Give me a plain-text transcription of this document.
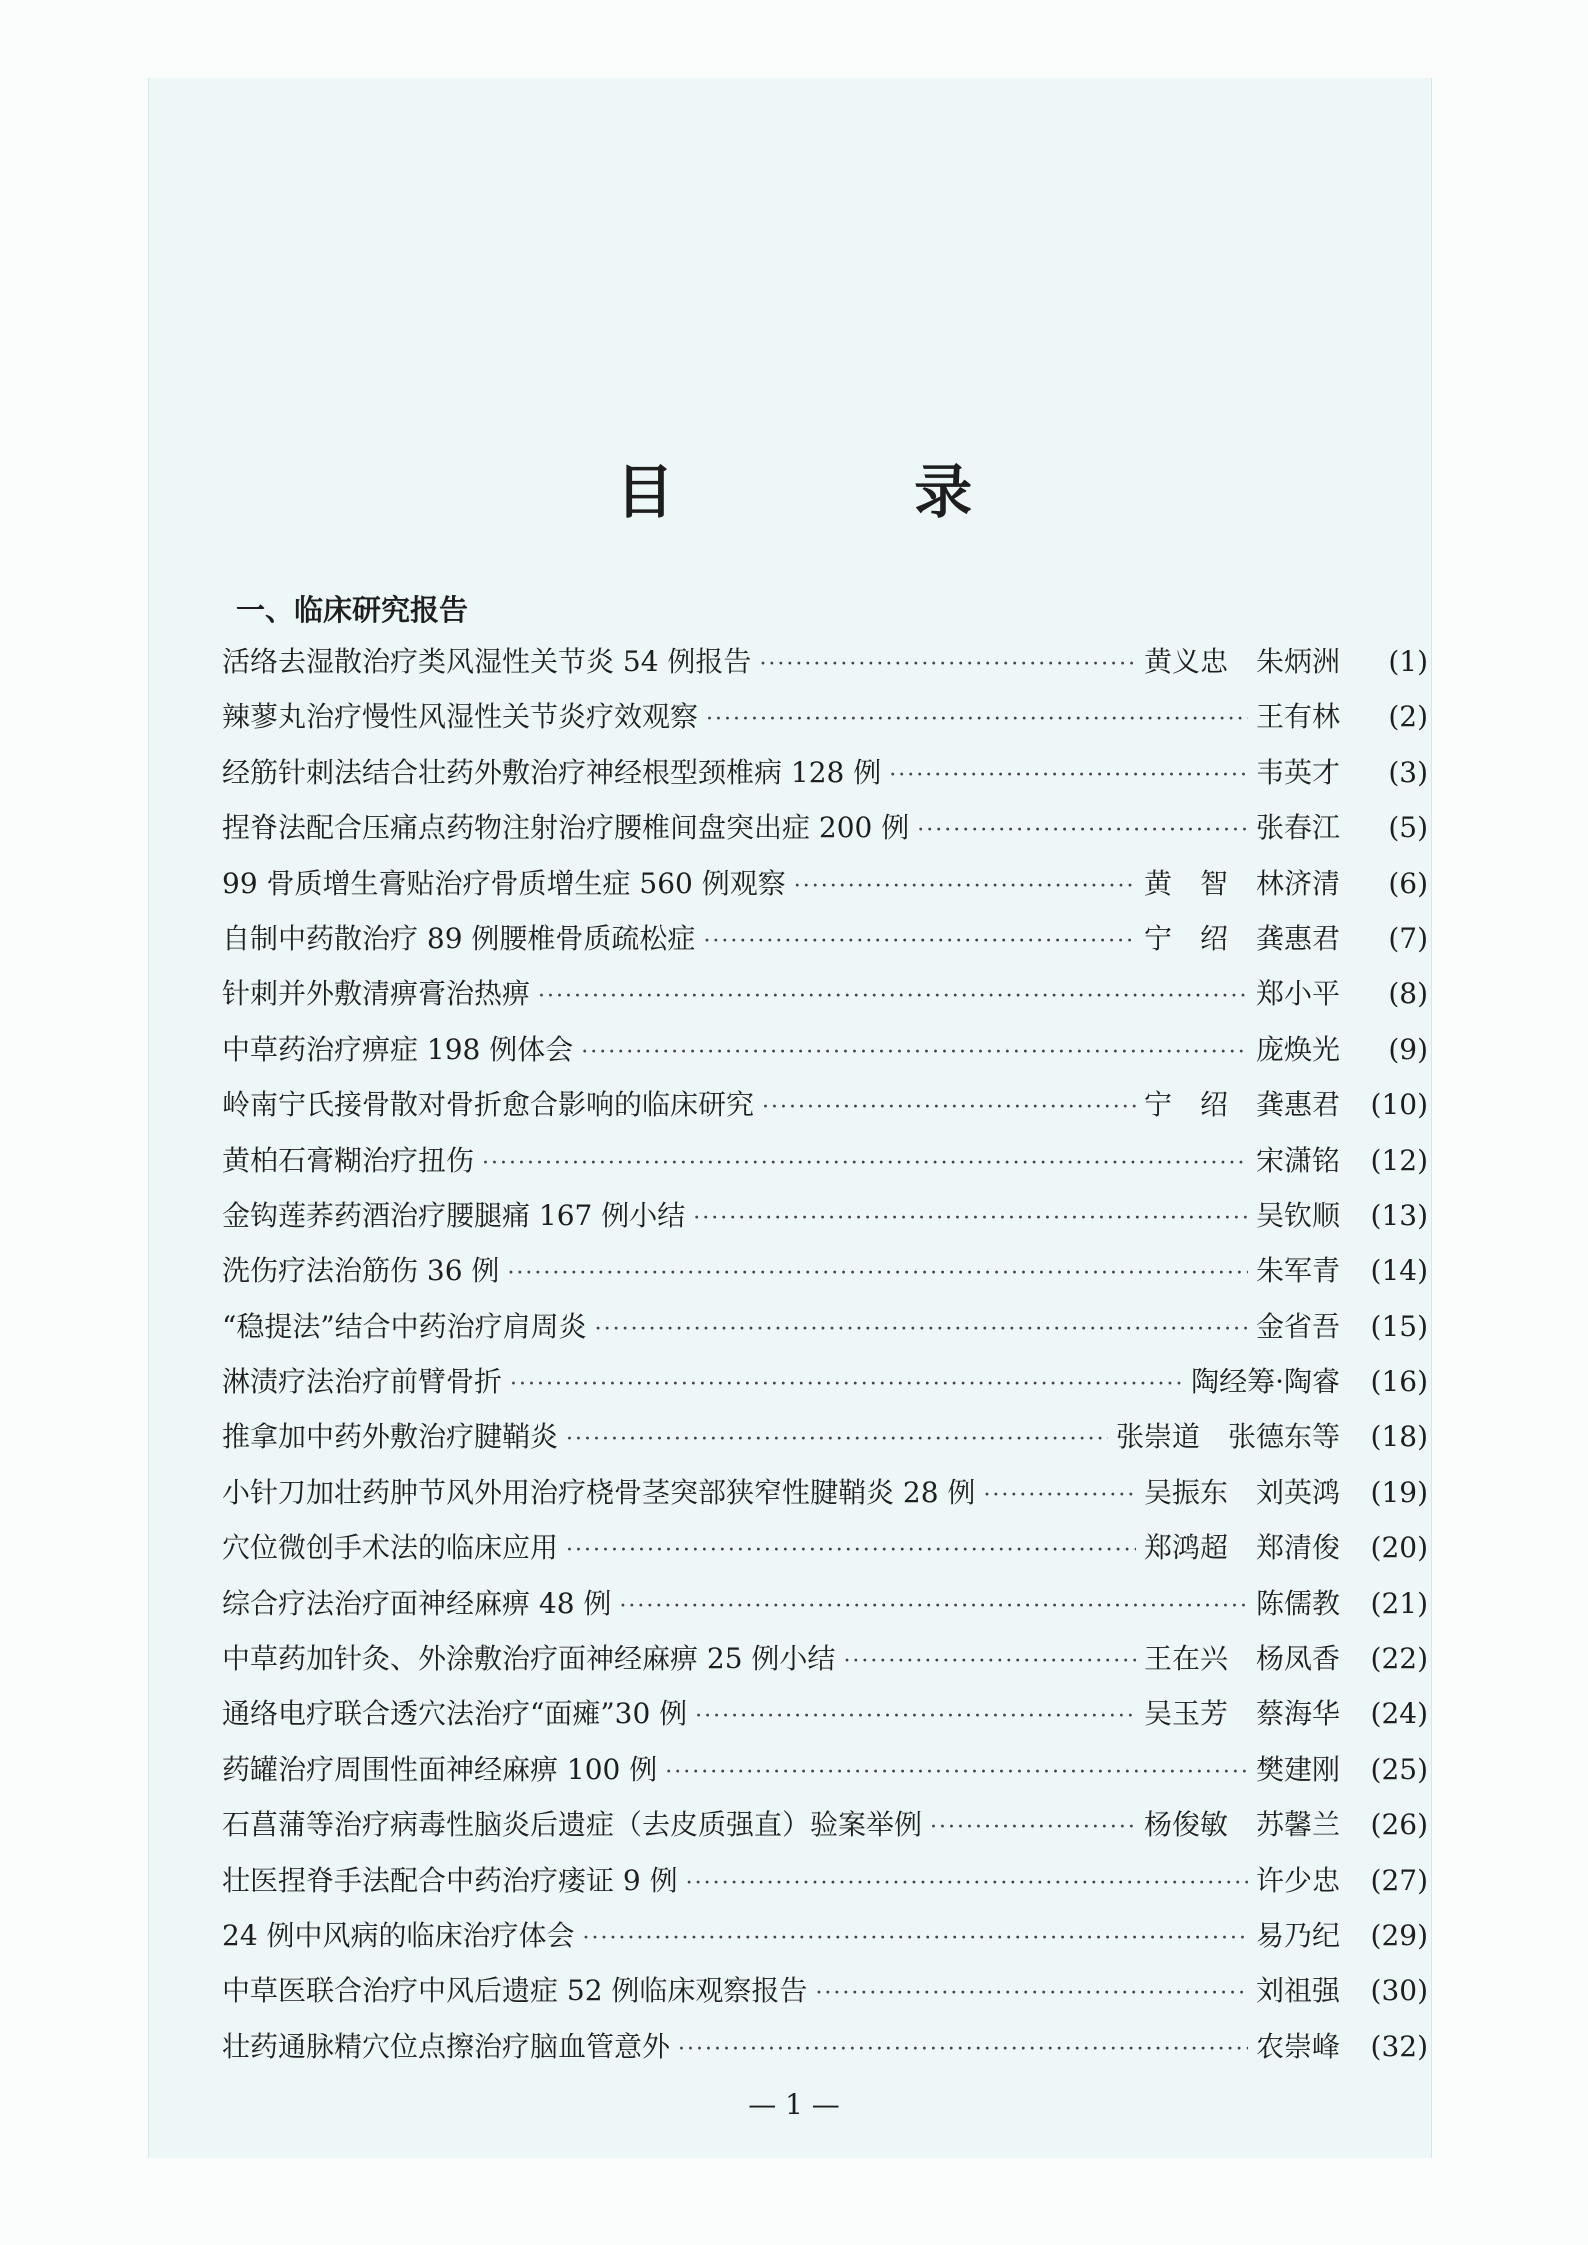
目 录
一、临床研究报告
活络去湿散治疗类风湿性关节炎 54 例报告 ·····	黄义忠　朱炳洲	(1)
辣蓼丸治疗慢性风湿性关节炎疗效观察 ·····	王有林	(2)
经筋针刺法结合壮药外敷治疗神经根型颈椎病 128 例 ·····	韦英才	(3)
捏脊法配合压痛点药物注射治疗腰椎间盘突出症 200 例 ·····	张春江	(5)
99 骨质增生膏贴治疗骨质增生症 560 例观察 ·····	黄　智　林济清	(6)
自制中药散治疗 89 例腰椎骨质疏松症 ·····	宁　绍　龚惠君	(7)
针刺并外敷清痹膏治热痹 ·····	郑小平	(8)
中草药治疗痹症 198 例体会 ·····	庞焕光	(9)
岭南宁氏接骨散对骨折愈合影响的临床研究 ·····	宁　绍　龚惠君 (10)
黄柏石膏糊治疗扭伤 ·····	宋潇铭 (12)
金钩莲荞药酒治疗腰腿痛 167 例小结 ·····	吴钦顺 (13)
洗伤疗法治筋伤 36 例 ·····	朱军青 (14)
“稳提法”结合中药治疗肩周炎 ·····	金省吾 (15)
淋渍疗法治疗前臂骨折 ·····	陶经筹·陶睿 (16)
推拿加中药外敷治疗腱鞘炎 ·····	张崇道　张德东等 (18)
小针刀加壮药肿节风外用治疗桡骨茎突部狭窄性腱鞘炎 28 例 ·····	吴振东　刘英鸿 (19)
穴位微创手术法的临床应用 ·····	郑鸿超　郑清俊 (20)
综合疗法治疗面神经麻痹 48 例 ·····	陈儒教 (21)
中草药加针灸、外涂敷治疗面神经麻痹 25 例小结 ·····	王在兴　杨凤香 (22)
通络电疗联合透穴法治疗“面瘫”30 例 ·····	吴玉芳　蔡海华 (24)
药罐治疗周围性面神经麻痹 100 例 ·····	樊建刚 (25)
石菖蒲等治疗病毒性脑炎后遗症（去皮质强直）验案举例 ·····	杨俊敏　苏馨兰 (26)
壮医捏脊手法配合中药治疗瘘证 9 例 ·····	许少忠 (27)
24 例中风病的临床治疗体会 ·····	易乃纪 (29)
中草医联合治疗中风后遗症 52 例临床观察报告 ·····	刘祖强 (30)
壮药通脉精穴位点擦治疗脑血管意外 ·····	农崇峰 (32)
— 1 —
